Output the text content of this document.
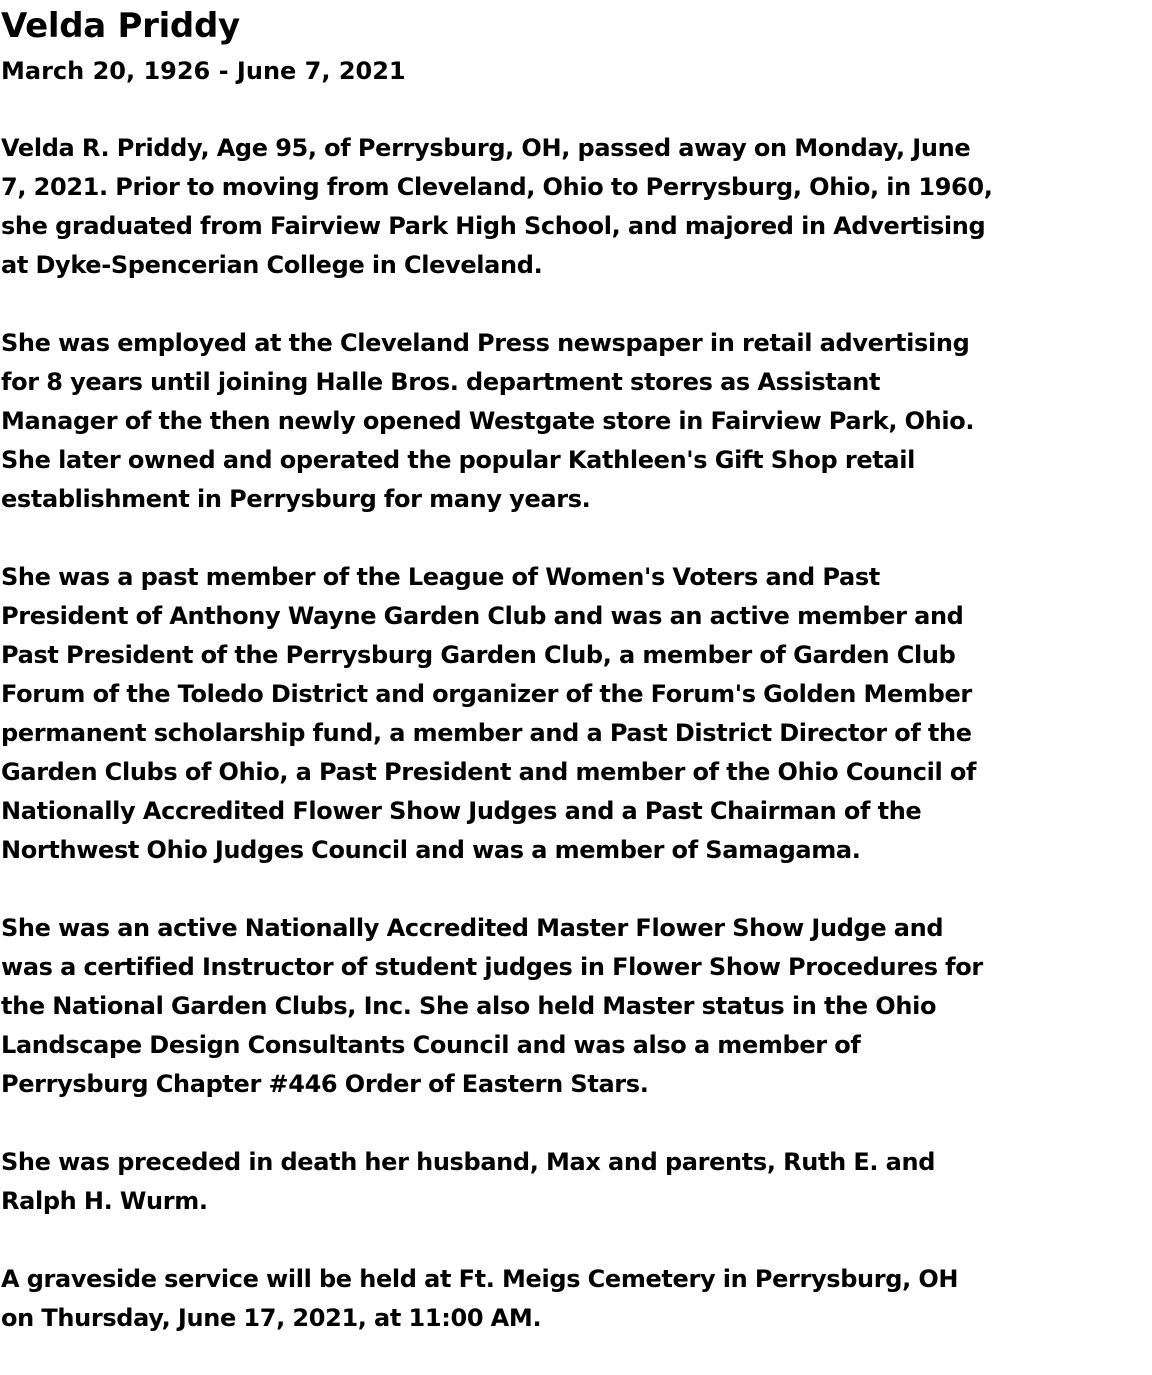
Velda Priddy
March 20, 1926 - June 7, 2021

Velda R. Priddy, Age 95, of Perrysburg, OH, passed away on Monday, June
7, 2021. Prior to moving from Cleveland, Ohio to Perrysburg, Ohio, in 1960,
she graduated from Fairview Park High School, and majored in Advertising
at Dyke-Spencerian College in Cleveland.

She was employed at the Cleveland Press newspaper in retail advertising
for 8 years until joining Halle Bros. department stores as Assistant
Manager of the then newly opened Westgate store in Fairview Park, Ohio.
She later owned and operated the popular Kathleen's Gift Shop retail
establishment in Perrysburg for many years.

She was a past member of the League of Women's Voters and Past
President of Anthony Wayne Garden Club and was an active member and
Past President of the Perrysburg Garden Club, a member of Garden Club
Forum of the Toledo District and organizer of the Forum's Golden Member
permanent scholarship fund, a member and a Past District Director of the
Garden Clubs of Ohio, a Past President and member of the Ohio Council of
Nationally Accredited Flower Show Judges and a Past Chairman of the
Northwest Ohio Judges Council and was a member of Samagama.

She was an active Nationally Accredited Master Flower Show Judge and
was a certified Instructor of student judges in Flower Show Procedures for
the National Garden Clubs, Inc. She also held Master status in the Ohio
Landscape Design Consultants Council and was also a member of
Perrysburg Chapter #446 Order of Eastern Stars.

She was preceded in death her husband, Max and parents, Ruth E. and
Ralph H. Wurm.

A graveside service will be held at Ft. Meigs Cemetery in Perrysburg, OH
on Thursday, June 17, 2021, at 11:00 AM.
